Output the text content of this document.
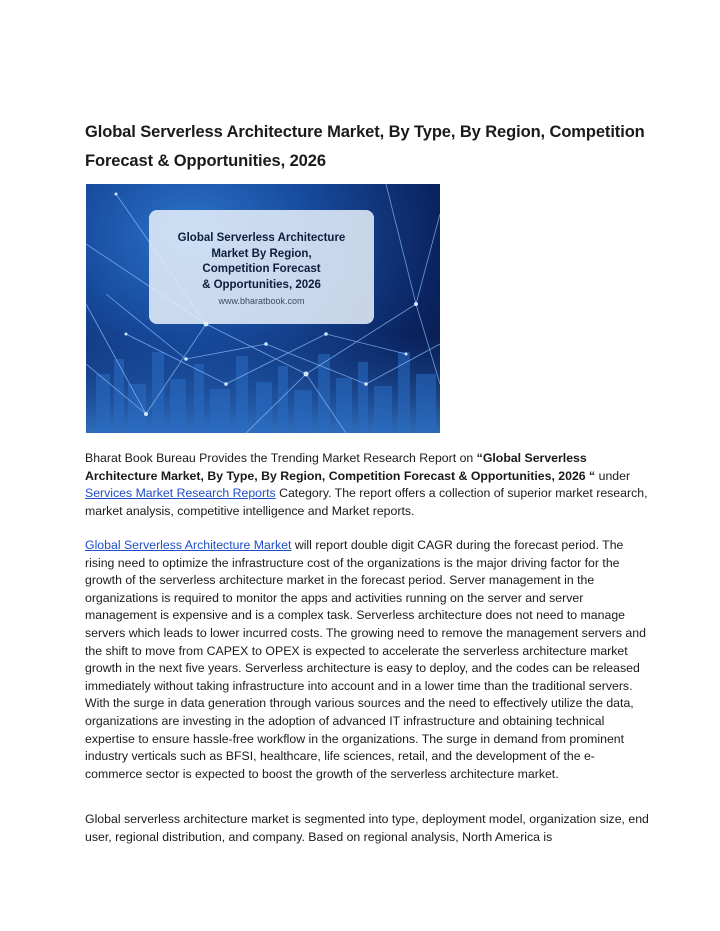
Global Serverless Architecture Market, By Type, By Region, Competition Forecast & Opportunities, 2026
Global Serverless Architecture
Market By Region,
Competition Forecast
& Opportunities, 2026
www.bharatbook.com

Bharat Book Bureau Provides the Trending Market Research Report on “Global Serverless Architecture Market, By Type, By Region, Competition Forecast & Opportunities, 2026 “ under Services Market Research Reports Category. The report offers a collection of superior market research, market analysis, competitive intelligence and Market reports.

Global Serverless Architecture Market will report double digit CAGR during the forecast period. The rising need to optimize the infrastructure cost of the organizations is the major driving factor for the growth of the serverless architecture market in the forecast period. Server management in the organizations is required to monitor the apps and activities running on the server and server management is expensive and is a complex task. Serverless architecture does not need to manage servers which leads to lower incurred costs. The growing need to remove the management servers and the shift to move from CAPEX to OPEX is expected to accelerate the serverless architecture market growth in the next five years. Serverless architecture is easy to deploy, and the codes can be released immediately without taking infrastructure into account and in a lower time than the traditional servers. With the surge in data generation through various sources and the need to effectively utilize the data, organizations are investing in the adoption of advanced IT infrastructure and obtaining technical expertise to ensure hassle-free workflow in the organizations. The surge in demand from prominent industry verticals such as BFSI, healthcare, life sciences, retail, and the development of the e-commerce sector is expected to boost the growth of the serverless architecture market.

Global serverless architecture market is segmented into type, deployment model, organization size, end user, regional distribution, and company. Based on regional analysis, North America is
